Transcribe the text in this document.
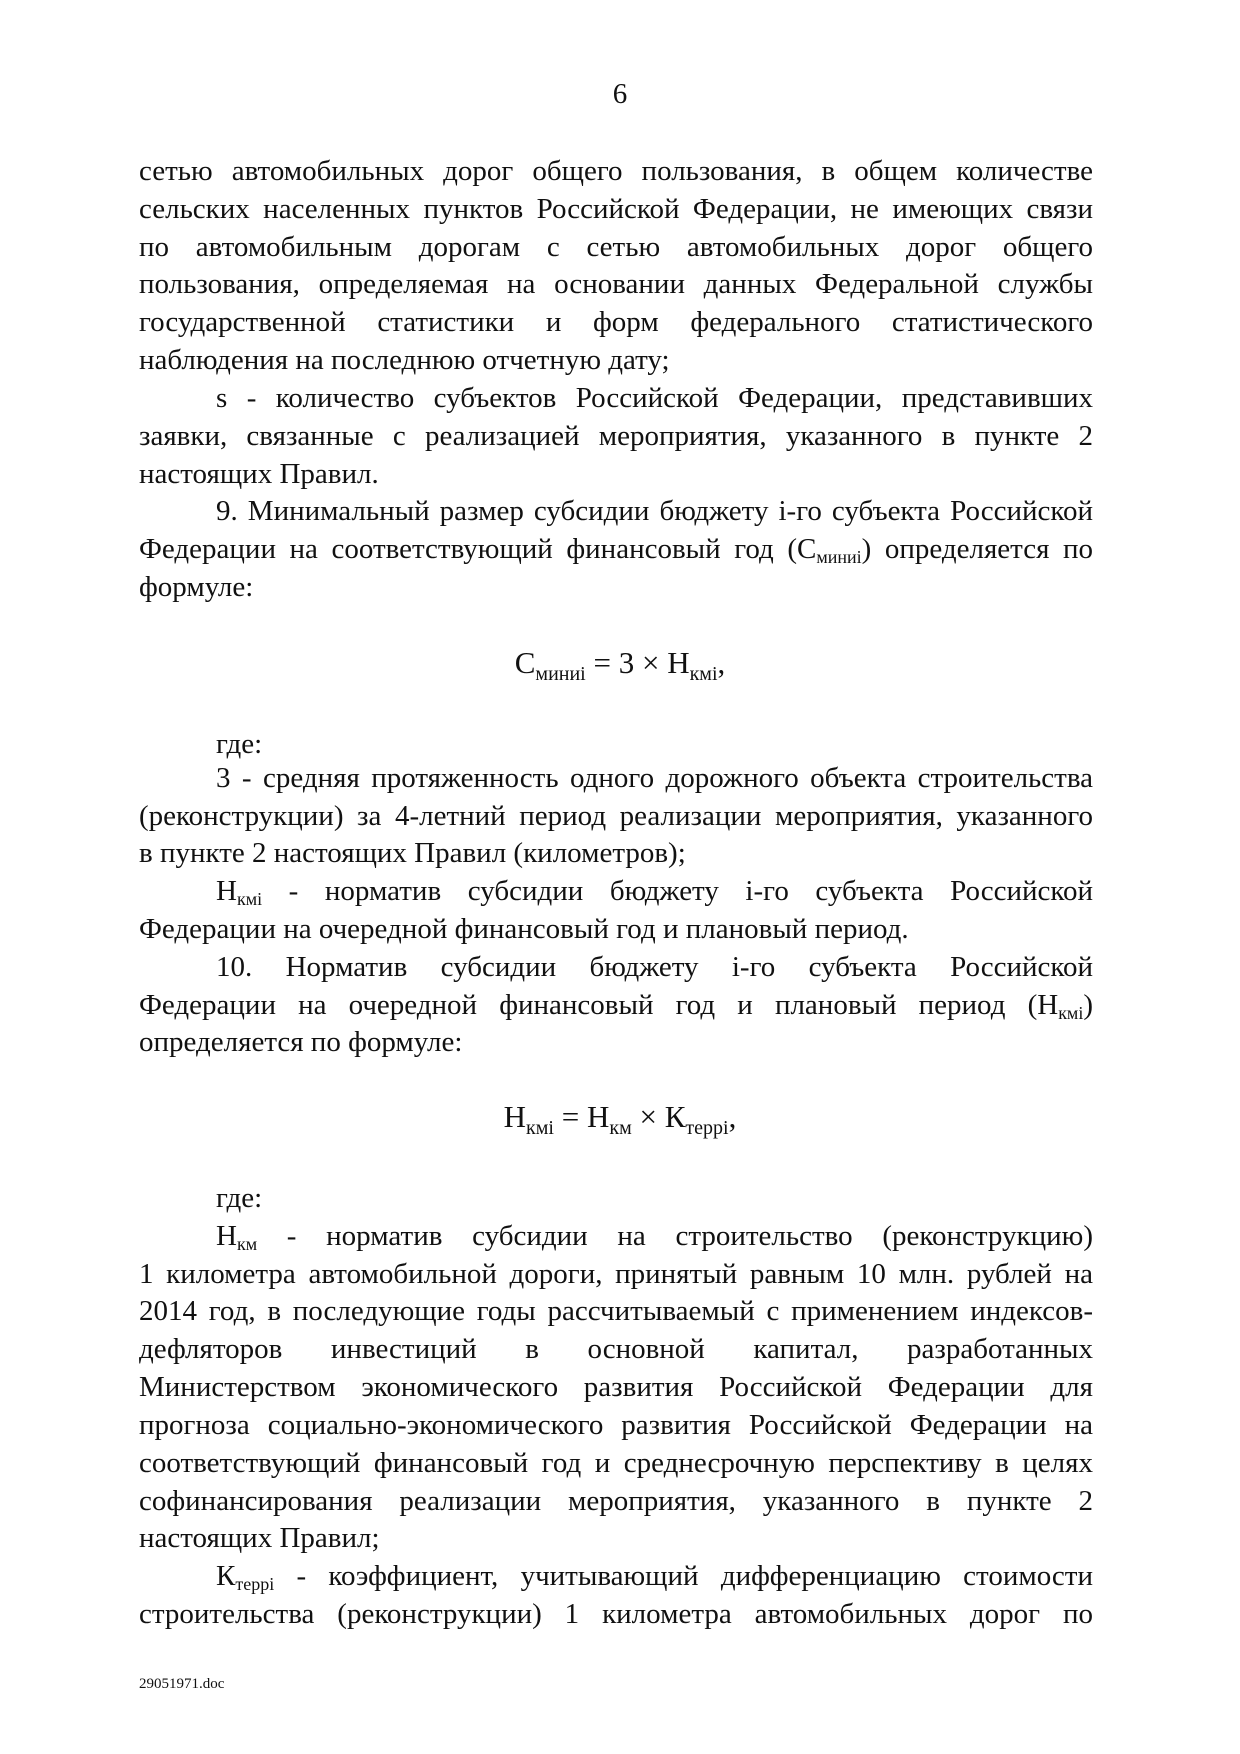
6
сетью автомобильных дорог общего пользования, в общем количестве
сельских населенных пунктов Российской Федерации, не имеющих связи
по автомобильным дорогам с сетью автомобильных дорог общего
пользования, определяемая на основании данных Федеральной службы
государственной статистики и форм федерального статистического
наблюдения на последнюю отчетную дату;
s - количество субъектов Российской Федерации, представивших
заявки, связанные с реализацией мероприятия, указанного в пункте 2
настоящих Правил.
9. Минимальный размер субсидии бюджету i-го субъекта Российской
Федерации на соответствующий финансовый год $(С_{миниi})$ определяется по
формуле:
где:
3 - средняя протяженность одного дорожного объекта строительства
(реконструкции) за 4-летний период реализации мероприятия, указанного
в пункте 2 настоящих Правил (километров);
$Н_{кмi}$ - норматив субсидии бюджету i-го субъекта Российской
Федерации на очередной финансовый год и плановый период.
10. Норматив субсидии бюджету i-го субъекта Российской
Федерации на очередной финансовый год и плановый период $(Н_{кмi})$
определяется по формуле:
где:
$Н_{км}$ - норматив субсидии на строительство (реконструкцию)
1 километра автомобильной дороги, принятый равным 10 млн. рублей на
2014 год, в последующие годы рассчитываемый с применением индексов-
дефляторов инвестиций в основной капитал, разработанных
Министерством экономического развития Российской Федерации для
прогноза социально-экономического развития Российской Федерации на
соответствующий финансовый год и среднесрочную перспективу в целях
софинансирования реализации мероприятия, указанного в пункте 2
настоящих Правил;
$К_{террi}$ - коэффициент, учитывающий дифференциацию стоимости
строительства (реконструкции) 1 километра автомобильных дорог по
$С_{миниi} = 3 \times Н_{кмi}$,
$Н_{кмi} = Н_{км} \times К_{террi}$,
29051971.doc
